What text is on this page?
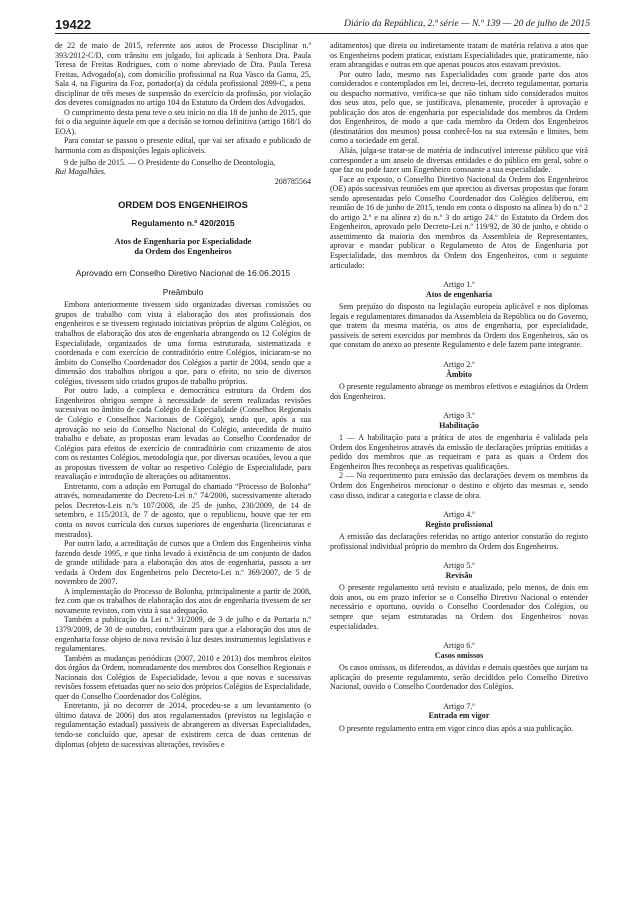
19422	Diário da República, 2.ª série — N.º 139 — 20 de julho de 2015

de 22 de maio de 2015, referente aos autos de Processo Disciplinar n.º 393/2012-C/D, com trânsito em julgado, foi aplicada à Senhora Dra. Paula Teresa de Freitas Rodrigues, com o nome abreviado de Dra. Paula Teresa Freitas, Advogado(a), com domicílio profissional na Rua Vasco da Gama, 25, Sala 4, na Figueira da Foz, portador(a) da cédula profissional 2899-C, a pena disciplinar de três meses de suspensão do exercício da profissão, por violação dos deveres consignados no artigo 104 do Estatuto da Ordem dos Advogados.

O cumprimento desta pena teve o seu início no dia 18 de junho de 2015, que foi o dia seguinte àquele em que a decisão se tornou definitiva (artigo 168/1 do EOA).

Para constar se passou o presente edital, que vai ser afixado e publicado de harmonia com as disposições legais aplicáveis.

9 de julho de 2015. — O Presidente do Conselho de Deontologia,
Rui Magalhães.

208785564

ORDEM DOS ENGENHEIROS
Regulamento n.º 420/2015
Atos de Engenharia por Especialidade
da Ordem dos Engenheiros
Aprovado em Conselho Diretivo Nacional de 16.06.2015
Preâmbulo

Embora anteriormente tivessem sido organizadas diversas comissões ou grupos de trabalho com vista à elaboração dos atos profissionais dos engenheiros e se tivessem registado iniciativas próprias de alguns Colégios, os trabalhos de elaboração dos atos de engenharia abrangendo os 12 Colégios de Especialidade, organizados de uma forma estruturada, sistematizada e coordenada e com exercício de contraditório entre Colégios, iniciaram-se no âmbito do Conselho Coordenador dos Colégios a partir de 2004, sendo que a dimensão dos trabalhos obrigou a que, para o efeito, no seio de diversos colégios, tivessem sido criados grupos de trabalho próprios.

Por outro lado, a complexa e democrática estrutura da Ordem dos Engenheiros obrigou sempre à necessidade de serem realizadas revisões sucessivas no âmbito de cada Colégio de Especialidade (Conselhos Regionais de Colégio e Conselhos Nacionais de Colégio), sendo que, após a sua aprovação no seio do Conselho Nacional do Colégio, antecedida de muito trabalho e debate, as propostas eram levadas ao Conselho Coordenador de Colégios para efeitos de exercício de contraditório com cruzamento de atos com os restantes Colégios, metodologia que, por diversas ocasiões, levou a que as propostas tivessem de voltar ao respetivo Colégio de Especialidade, para reavaliação e introdução de alterações ou aditamentos.

Entretanto, com a adoção em Portugal do chamado “Processo de Bolonha” através, nomeadamente do Decreto-Lei n.º 74/2006, sucessivamente alterado pelos Decretos-Leis n.ºs 107/2008, de 25 de junho, 230/2009, de 14 de setembro, e 115/2013, de 7 de agosto, que o republicou, houve que ter em conta os novos currícula dos cursos superiores de engenharia (licenciaturas e mestrados).

Por outro lado, a acreditação de cursos que a Ordem dos Engenheiros vinha fazendo desde 1995, e que tinha levado à existência de um conjunto de dados de grande utilidade para a elaboração dos atos de engenharia, passou a ser vedada à Ordem dos Engenheiros pelo Decreto-Lei n.º 369/2007, de 5 de novembro de 2007.

A implementação do Processo de Bolonha, principalmente a partir de 2008, fez com que os trabalhos de elaboração dos atos de engenharia tivessem de ser novamente revistos, com vista à sua adequação.

Também a publicação da Lei n.º 31/2009, de 3 de julho e da Portaria n.º 1379/2009, de 30 de outubro, contribuíram para que a elaboração dos atos de engenharia fosse objeto de nova revisão à luz destes instrumentos legislativos e regulamentares.

Também as mudanças periódicas (2007, 2010 e 2013) dos membros eleitos dos órgãos da Ordem, nomeadamente dos membros dos Conselhos Regionais e Nacionais dos Colégios de Especialidade, levou a que novas e sucessivas revisões fossem efetuadas quer no seio dos próprios Colégios de Especialidade, quer do Conselho Coordenador dos Colégios.

Entretanto, já no decorrer de 2014, procedeu-se a um levantamento (o último datava de 2006) dos atos regulamentados (previstos na legislação e regulamentação estadual) passíveis de abrangerem as diversas Especialidades, tendo-se concluído que, apesar de existirem cerca de duas centenas de diplomas (objeto de sucessivas alterações, revisões e

aditamentos) que direta ou indiretamente tratam de matéria relativa a atos que os Engenheiros podem praticar, existiam Especialidades que, praticamente, não eram abrangidas e outras em que apenas poucos atos estavam previstos.

Por outro lado, mesmo nas Especialidades com grande parte dos atos considerados e contemplados em lei, decreto-lei, decreto regulamentar, portaria ou despacho normativo, verifica-se que não tinham sido considerados muitos dos seus atos, pelo que, se justificava, plenamente, proceder à aprovação e publicação dos atos de engenharia por especialidade dos membros da Ordem dos Engenheiros, de modo a que cada membro da Ordem dos Engenheiros (destinatários dos mesmos) possa conhecê-los na sua extensão e limites, bem como a sociedade em geral.

Aliás, julga-se tratar-se de matéria de indiscutível interesse público que virá corresponder a um anseio de diversas entidades e do público em geral, sobre o que faz ou pode fazer um Engenheiro consoante a sua especialidade.

Face ao exposto, o Conselho Diretivo Nacional da Ordem dos Engenheiros (OE) após sucessivas reuniões em que apreciou as diversas propostas que foram sendo apresentadas pelo Conselho Coordenador dos Colégios deliberou, em reunião de 16 de junho de 2015, tendo em conta o disposto na alínea b) do n.º 2 do artigo 2.º e na alínea z) do n.º 3 do artigo 24.º do Estatuto da Ordem dos Engenheiros, aprovado pelo Decreto-Lei n.º 119/92, de 30 de junho, e obtido o assentimento da maioria dos membros da Assembleia de Representantes, aprovar e mandar publicar o Regulamento de Atos de Engenharia por Especialidade, dos membros da Ordem dos Engenheiros, com o seguinte articulado:

Artigo 1.º
Atos de engenharia

Sem prejuízo do disposto na legislação europeia aplicável e nos diplomas legais e regulamentares dimanados da Assembleia da República ou do Governo, que tratem da mesma matéria, os atos de engenharia, por especialidade, passíveis de serem exercidos por membros da Ordem dos Engenheiros, são os que constam do anexo ao presente Regulamento e dele fazem parte integrante.

Artigo 2.º
Âmbito

O presente regulamento abrange os membros efetivos e estagiários da Ordem dos Engenheiros.

Artigo 3.º
Habilitação

1 — A habilitação para a prática de atos de engenharia é validada pela Ordem dos Engenheiros através da emissão de declarações próprias emitidas a pedido dos membros que as requeiram e para as quais a Ordem dos Engenheiros lhes reconheça as respetivas qualificações.

2 — No requerimento para emissão das declarações devem os membros da Ordem dos Engenheiros mencionar o destino e objeto das mesmas e, sendo caso disso, indicar a categoria e classe de obra.

Artigo 4.º
Registo profissional

A emissão das declarações referidas no artigo anterior constarão do registo profissional individual próprio do membro da Ordem dos Engenheiros.

Artigo 5.º
Revisão

O presente regulamento será revisto e atualizado, pelo menos, de dois em dois anos, ou em prazo inferior se o Conselho Diretivo Nacional o entender necessário e oportuno, ouvido o Conselho Coordenador dos Colégios, ou sempre que sejam estruturadas na Ordem dos Engenheiros novas especialidades.

Artigo 6.º
Casos omissos

Os casos omissos, os diferendos, as dúvidas e demais questões que surjam na aplicação do presente regulamento, serão decididos pelo Conselho Diretivo Nacional, ouvido o Conselho Coordenador dos Colégios.

Artigo 7.º
Entrada em vigor

O presente regulamento entra em vigor cinco dias após a sua publicação.
